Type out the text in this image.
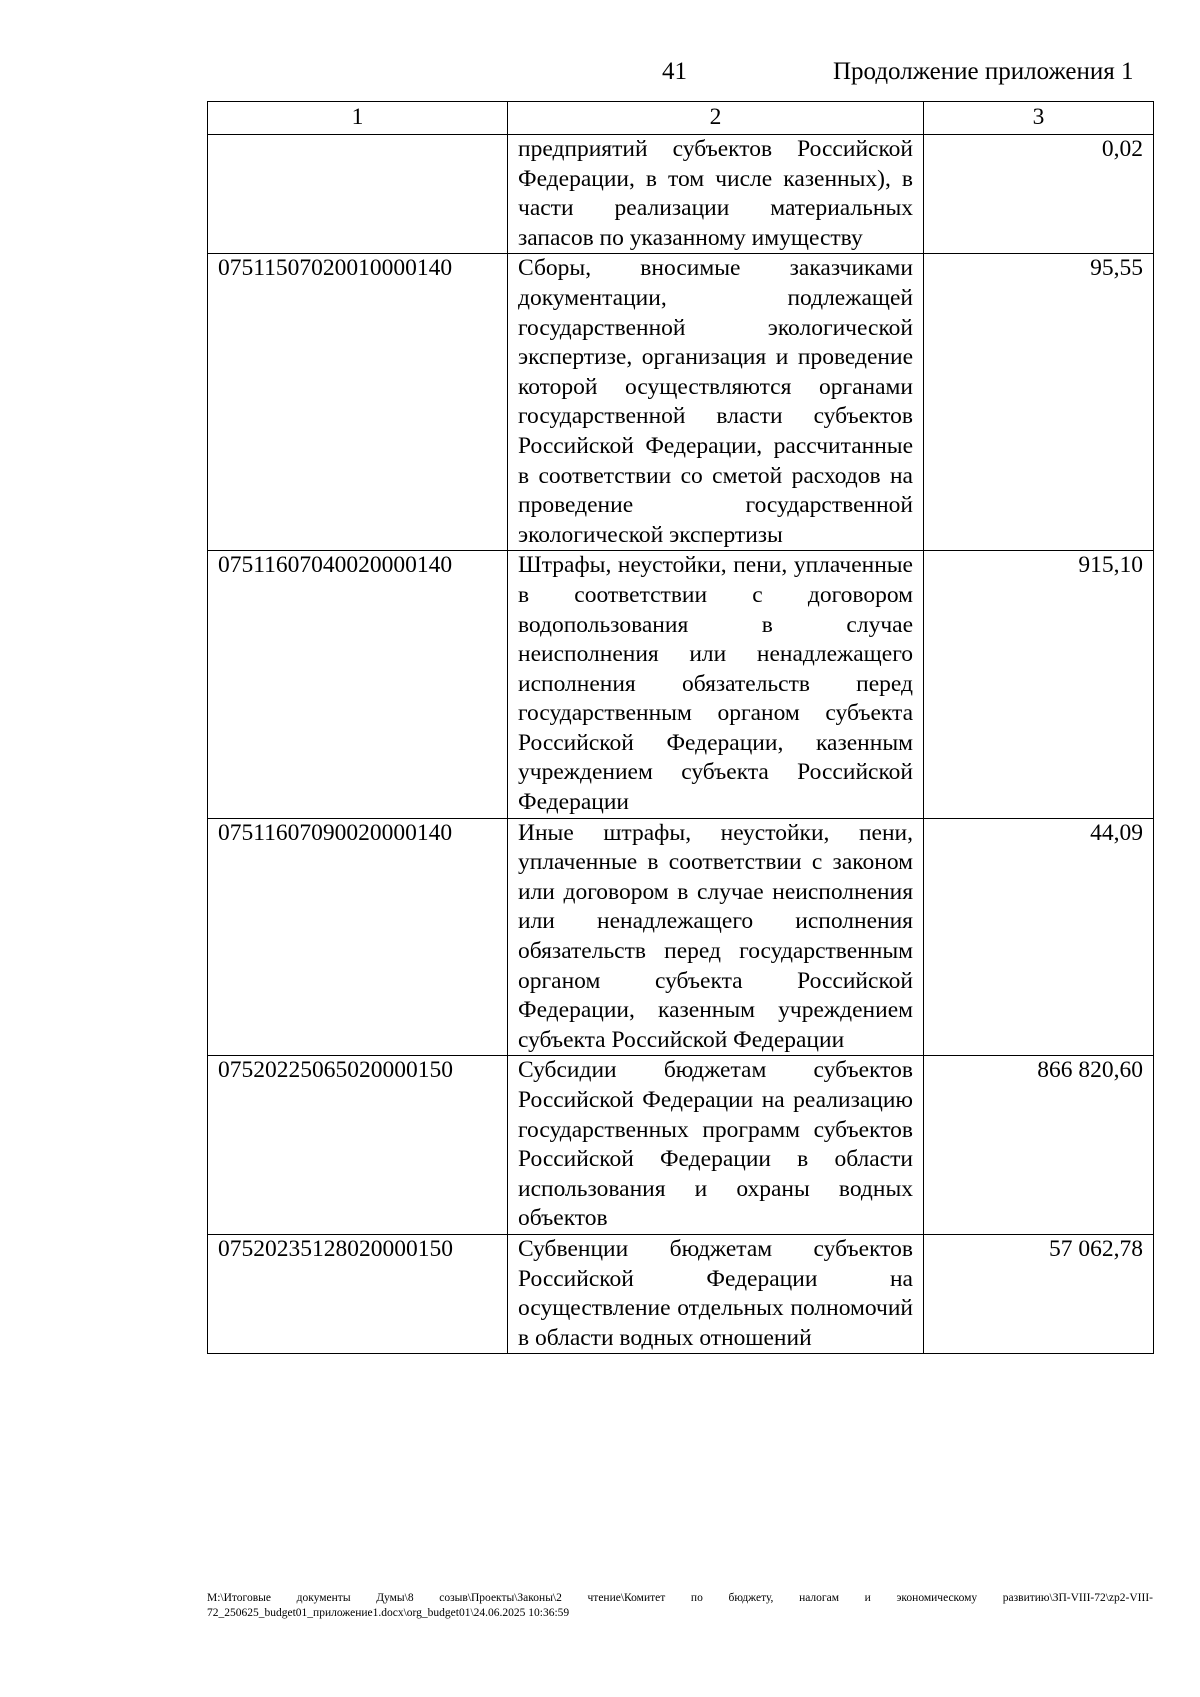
41	Продолжение приложения 1
1	2	3
	предприятий субъектов Российской Федерации, в том числе казенных), в части реализации материальных запасов по указанному имуществу	0,02
07511507020010000140	Сборы, вносимые заказчиками документации, подлежащей государственной экологической экспертизе, организация и проведение которой осуществляются органами государственной власти субъектов Российской Федерации, рассчитанные в соответствии со сметой расходов на проведение государственной экологической экспертизы	95,55
07511607040020000140	Штрафы, неустойки, пени, уплаченные в соответствии с договором водопользования в случае неисполнения или ненадлежащего исполнения обязательств перед государственным органом субъекта Российской Федерации, казенным учреждением субъекта Российской Федерации	915,10
07511607090020000140	Иные штрафы, неустойки, пени, уплаченные в соответствии с законом или договором в случае неисполнения или ненадлежащего исполнения обязательств перед государственным органом субъекта Российской Федерации, казенным учреждением субъекта Российской Федерации	44,09
07520225065020000150	Субсидии бюджетам субъектов Российской Федерации на реализацию государственных программ субъектов Российской Федерации в области использования и охраны водных объектов	866 820,60
07520235128020000150	Субвенции бюджетам субъектов Российской Федерации на осуществление отдельных полномочий в области водных отношений	57 062,78
M:\Итоговые документы Думы\8 созыв\Проекты\Законы\2 чтение\Комитет по бюджету, налогам и экономическому развитию\ЗП-VIII-72\zp2-VIII-72_250625_budget01_приложение1.docx\org_budget01\24.06.2025 10:36:59
